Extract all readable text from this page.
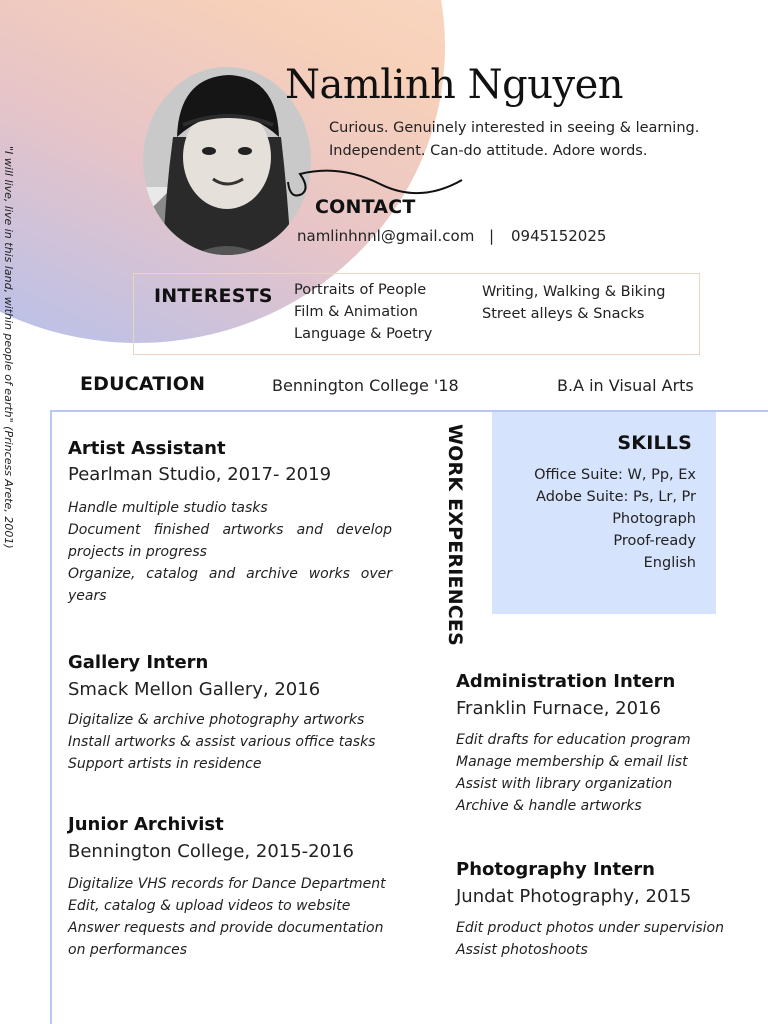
"I will live, live in this land, within people of earth" (Princess Arete, 2001)
Namlinh Nguyen
Curious. Genuinely interested in seeing & learning.
Independent. Can-do attitude. Adore words.
CONTACT
namlinhnnl@gmail.com | 0945152025
INTERESTS Portraits of People
Film & Animation
Language & Poetry
Writing, Walking & Biking
Street alleys & Snacks
EDUCATION	Bennington College '18	B.A in Visual Arts
SKILLS
Office Suite: W, Pp, Ex
Adobe Suite: Ps, Lr, Pr
Photograph
Proof-ready
English
WORK EXPERIENCES
Artist Assistant
Pearlman Studio, 2017- 2019
Handle multiple studio tasks
Document finished artworks and develop projects in progress
Organize, catalog and archive works over years
Gallery Intern
Smack Mellon Gallery, 2016
Digitalize & archive photography artworks
Install artworks & assist various office tasks
Support artists in residence
Junior Archivist
Bennington College, 2015-2016
Digitalize VHS records for Dance Department
Edit, catalog & upload videos to website
Answer requests and provide documentation
on performances
Administration Intern
Franklin Furnace, 2016
Edit drafts for education program
Manage membership & email list
Assist with library organization
Archive & handle artworks
Photography Intern
Jundat Photography, 2015
Edit product photos under supervision
Assist photoshoots
